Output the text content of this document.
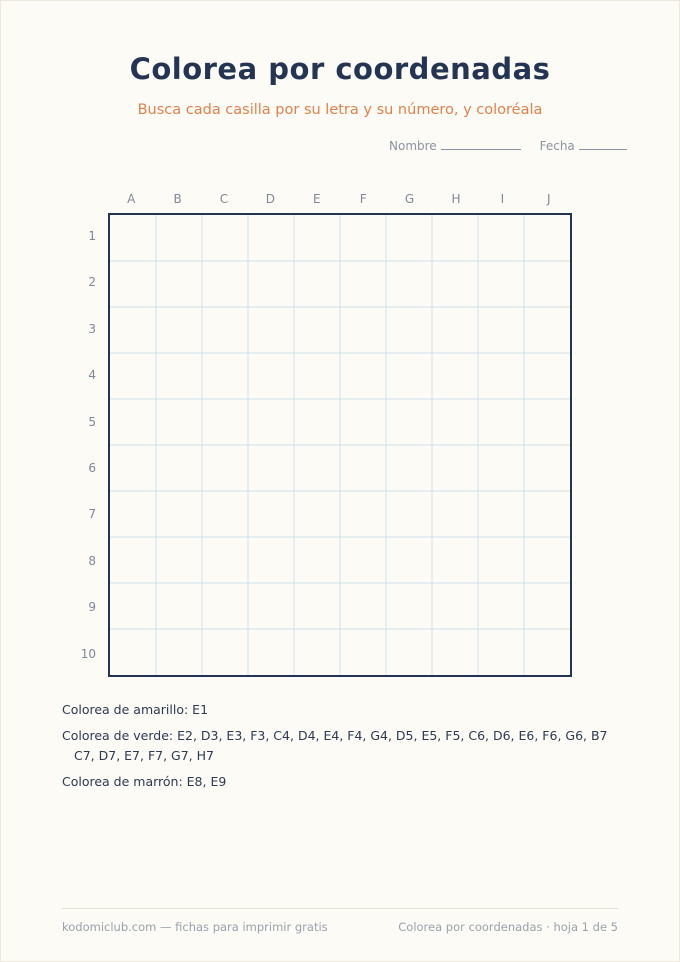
Colorea por coordenadas
Busca cada casilla por su letra y su número, y coloréala
Nombre	Fecha
A	B	C	D	E	F	G	H	I	J
1
2
3
4
5
6
7
8
9
10
Colorea de amarillo: E1
Colorea de verde: E2, D3, E3, F3, C4, D4, E4, F4, G4, D5, E5, F5, C6, D6, E6, F6, G6, B7
C7, D7, E7, F7, G7, H7
Colorea de marrón: E8, E9
kodomiclub.com — fichas para imprimir gratis	Colorea por coordenadas · hoja 1 de 5
